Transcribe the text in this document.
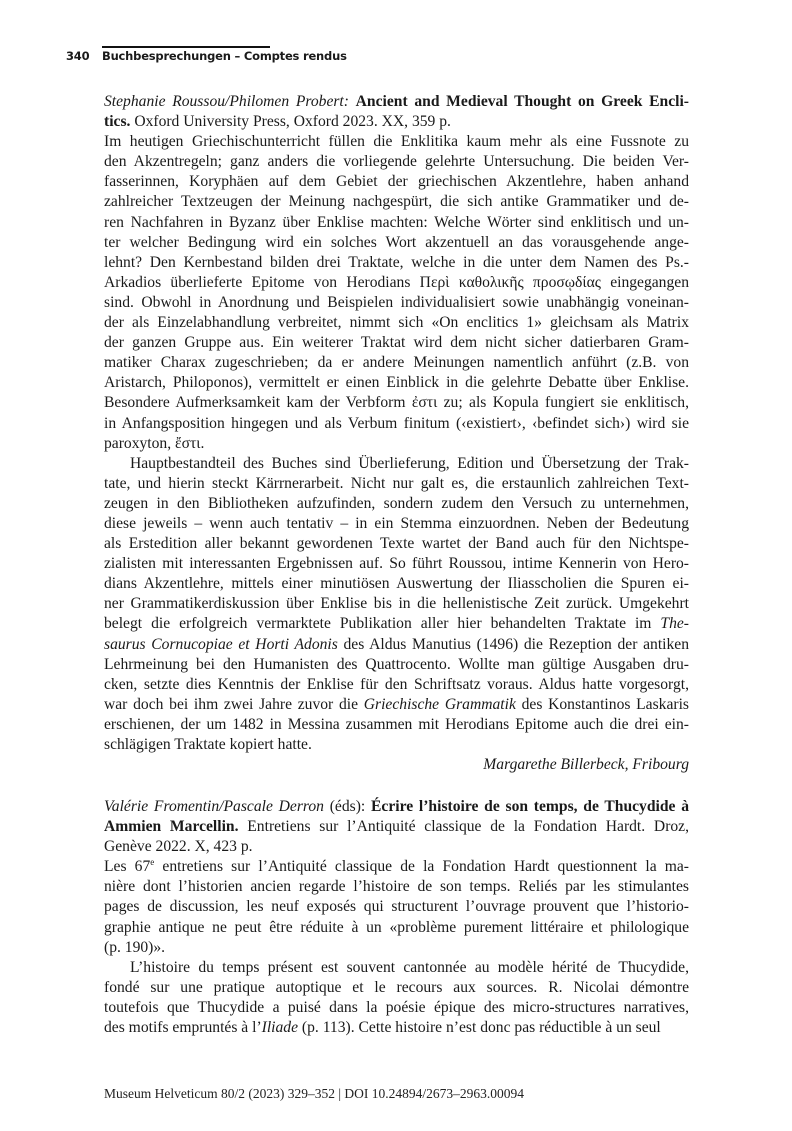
340 Buchbesprechungen – Comptes rendus
Stephanie Roussou/Philomen Probert: Ancient and Medieval Thought on Greek Encli-
tics. Oxford University Press, Oxford 2023. XX, 359 p.
Im heutigen Griechischunterricht füllen die Enklitika kaum mehr als eine Fussnote zu
den Akzentregeln; ganz anders die vorliegende gelehrte Untersuchung. Die beiden Ver-
fasserinnen, Koryphäen auf dem Gebiet der griechischen Akzentlehre, haben anhand
zahlreicher Textzeugen der Meinung nachgespürt, die sich antike Grammatiker und de-
ren Nachfahren in Byzanz über Enklise machten: Welche Wörter sind enklitisch und un-
ter welcher Bedingung wird ein solches Wort akzentuell an das vorausgehende ange-
lehnt? Den Kernbestand bilden drei Traktate, welche in die unter dem Namen des Ps.-
Arkadios überlieferte Epitome von Herodians Περὶ καθολικῆς προσῳδίας eingegangen
sind. Obwohl in Anordnung und Beispielen individualisiert sowie unabhängig voneinan-
der als Einzelabhandlung verbreitet, nimmt sich «On enclitics 1» gleichsam als Matrix
der ganzen Gruppe aus. Ein weiterer Traktat wird dem nicht sicher datierbaren Gram-
matiker Charax zugeschrieben; da er andere Meinungen namentlich anführt (z.B. von
Aristarch, Philoponos), vermittelt er einen Einblick in die gelehrte Debatte über Enklise.
Besondere Aufmerksamkeit kam der Verbform ἐστι zu; als Kopula fungiert sie enklitisch,
in Anfangsposition hingegen und als Verbum finitum (‹existiert›, ‹befindet sich›) wird sie
paroxyton, ἔστι.
Hauptbestandteil des Buches sind Überlieferung, Edition und Übersetzung der Trak-
tate, und hierin steckt Kärrnerarbeit. Nicht nur galt es, die erstaunlich zahlreichen Text-
zeugen in den Bibliotheken aufzufinden, sondern zudem den Versuch zu unternehmen,
diese jeweils – wenn auch tentativ – in ein Stemma einzuordnen. Neben der Bedeutung
als Erstedition aller bekannt gewordenen Texte wartet der Band auch für den Nichtspe-
zialisten mit interessanten Ergebnissen auf. So führt Roussou, intime Kennerin von Hero-
dians Akzentlehre, mittels einer minutiösen Auswertung der Iliasscholien die Spuren ei-
ner Grammatikerdiskussion über Enklise bis in die hellenistische Zeit zurück. Umgekehrt
belegt die erfolgreich vermarktete Publikation aller hier behandelten Traktate im The-
saurus Cornucopiae et Horti Adonis des Aldus Manutius (1496) die Rezeption der antiken
Lehrmeinung bei den Humanisten des Quattrocento. Wollte man gültige Ausgaben dru-
cken, setzte dies Kenntnis der Enklise für den Schriftsatz voraus. Aldus hatte vorgesorgt,
war doch bei ihm zwei Jahre zuvor die Griechische Grammatik des Konstantinos Laskaris
erschienen, der um 1482 in Messina zusammen mit Herodians Epitome auch die drei ein-
schlägigen Traktate kopiert hatte.
Margarethe Billerbeck, Fribourg
Valérie Fromentin/Pascale Derron (éds): Écrire l’histoire de son temps, de Thucydide à
Ammien Marcellin. Entretiens sur l’Antiquité classique de la Fondation Hardt. Droz,
Genève 2022. X, 423 p.
Les 67e entretiens sur l’Antiquité classique de la Fondation Hardt questionnent la ma-
nière dont l’historien ancien regarde l’histoire de son temps. Reliés par les stimulantes
pages de discussion, les neuf exposés qui structurent l’ouvrage prouvent que l’historio-
graphie antique ne peut être réduite à un «problème purement littéraire et philologique
(p. 190)».
L’histoire du temps présent est souvent cantonnée au modèle hérité de Thucydide,
fondé sur une pratique autoptique et le recours aux sources. R. Nicolai démontre
toutefois que Thucydide a puisé dans la poésie épique des micro-structures narratives,
des motifs empruntés à l’Iliade (p. 113). Cette histoire n’est donc pas réductible à un seul
Museum Helveticum 80/2 (2023) 329–352 | DOI 10.24894/2673–2963.00094
